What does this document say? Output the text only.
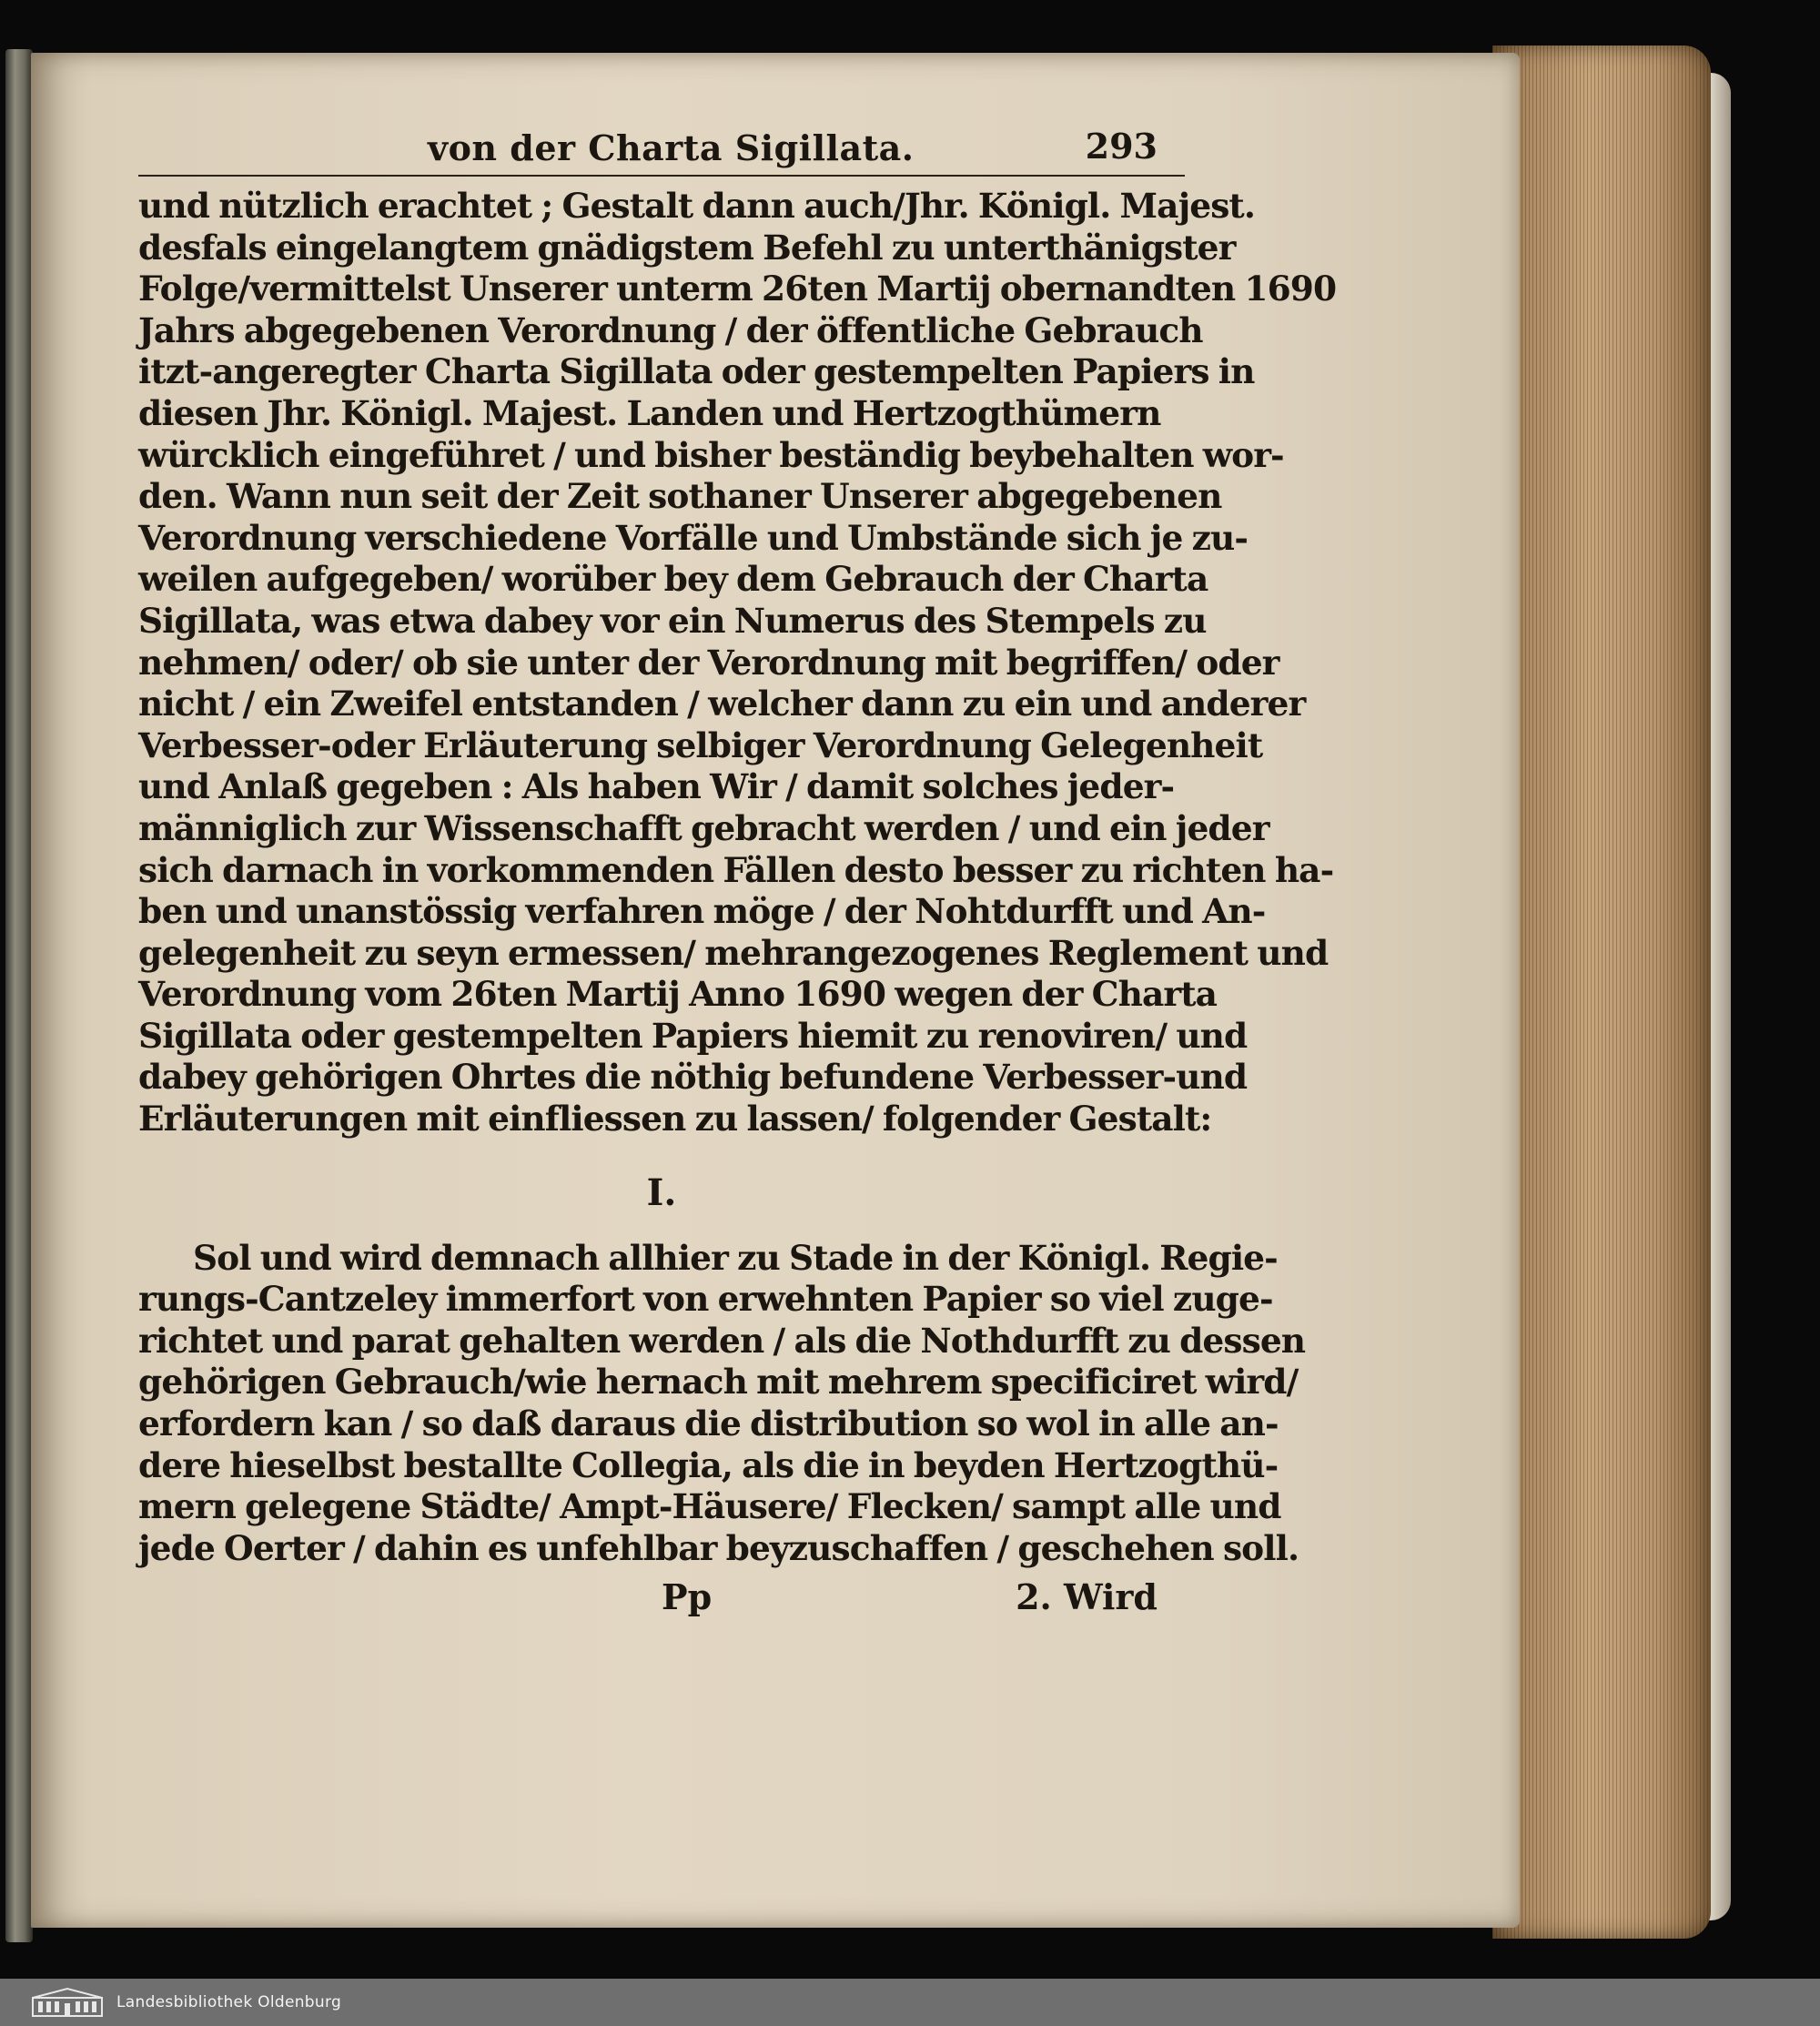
von der Charta Sigillata.	293
und nützlich erachtet ; Gestalt dann auch/Jhr. Königl. Majest.
desfals eingelangtem gnädigstem Befehl zu unterthänigster
Folge/vermittelst Unserer unterm 26ten Martij obernandten 1690
Jahrs abgegebenen Verordnung / der öffentliche Gebrauch
itzt-angeregter Charta Sigillata oder gestempelten Papiers in
diesen Jhr. Königl. Majest. Landen und Hertzogthümern
würcklich eingeführet / und bisher beständig beybehalten wor-
den. Wann nun seit der Zeit sothaner Unserer abgegebenen
Verordnung verschiedene Vorfälle und Umbstände sich je zu-
weilen aufgegeben/ worüber bey dem Gebrauch der Charta
Sigillata, was etwa dabey vor ein Numerus des Stempels zu
nehmen/ oder/ ob sie unter der Verordnung mit begriffen/ oder
nicht / ein Zweifel entstanden / welcher dann zu ein und anderer
Verbesser-oder Erläuterung selbiger Verordnung Gelegenheit
und Anlaß gegeben : Als haben Wir / damit solches jeder-
männiglich zur Wissenschafft gebracht werden / und ein jeder
sich darnach in vorkommenden Fällen desto besser zu richten ha-
ben und unanstössig verfahren möge / der Nohtdurfft und An-
gelegenheit zu seyn ermessen/ mehrangezogenes Reglement und
Verordnung vom 26ten Martij Anno 1690 wegen der Charta
Sigillata oder gestempelten Papiers hiemit zu renoviren/ und
dabey gehörigen Ohrtes die nöthig befundene Verbesser-und
Erläuterungen mit einfliessen zu lassen/ folgender Gestalt:
I.
Sol und wird demnach allhier zu Stade in der Königl. Regie-
rungs-Cantzeley immerfort von erwehnten Papier so viel zuge-
richtet und parat gehalten werden / als die Nothdurfft zu dessen
gehörigen Gebrauch/wie hernach mit mehrem specificiret wird/
erfordern kan / so daß daraus die distribution so wol in alle an-
dere hieselbst bestallte Collegia, als die in beyden Hertzogthü-
mern gelegene Städte/ Ampt-Häusere/ Flecken/ sampt alle und
jede Oerter / dahin es unfehlbar beyzuschaffen / geschehen soll.
Pp	2. Wird
Landesbibliothek Oldenburg
